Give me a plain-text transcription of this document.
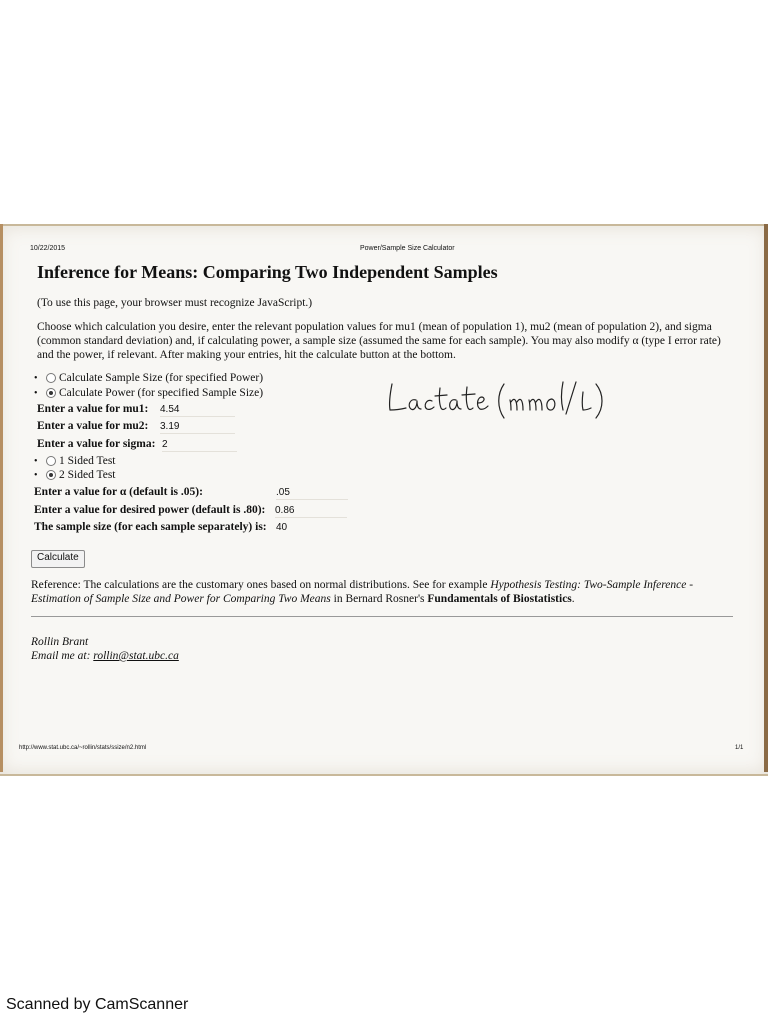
10/22/2015	Power/Sample Size Calculator
Inference for Means: Comparing Two Independent Samples
(To use this page, your browser must recognize JavaScript.)
Choose which calculation you desire, enter the relevant population values for mu1 (mean of population 1), mu2 (mean of population 2), and sigma (common standard deviation) and, if calculating power, a sample size (assumed the same for each sample). You may also modify α (type I error rate) and the power, if relevant. After making your entries, hit the calculate button at the bottom.
•	Calculate Sample Size (for specified Power)
•	Calculate Power (for specified Sample Size)
Enter a value for mu1: 4.54
Enter a value for mu2: 3.19
Enter a value for sigma: 2
•	1 Sided Test
•	2 Sided Test
Enter a value for α (default is .05):	.05
Enter a value for desired power (default is .80): 0.86
The sample size (for each sample separately) is: 40
Calculate
Reference: The calculations are the customary ones based on normal distributions. See for example Hypothesis Testing: Two-Sample Inference - Estimation of Sample Size and Power for Comparing Two Means in Bernard Rosner's Fundamentals of Biostatistics.
Rollin Brant
Email me at: rollin@stat.ubc.ca
http://www.stat.ubc.ca/~rollin/stats/ssize/n2.html	1/1
Scanned by CamScanner
